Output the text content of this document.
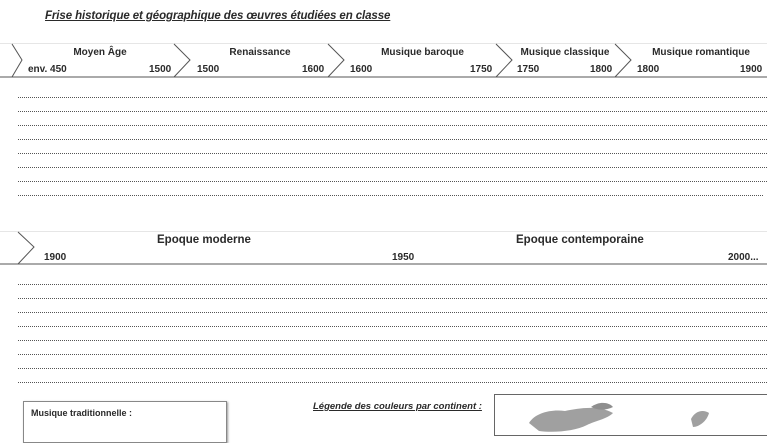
Frise historique et géographique des œuvres étudiées en classe
Moyen Âge
env. 450	1500
Renaissance
1500	1600
Musique baroque
1600	1750
Musique classique
1750	1800
Musique romantique
1800	1900
Epoque moderne	Epoque contemporaine
1900	1950	2000...
Musique traditionnelle :
Légende des couleurs par continent :
